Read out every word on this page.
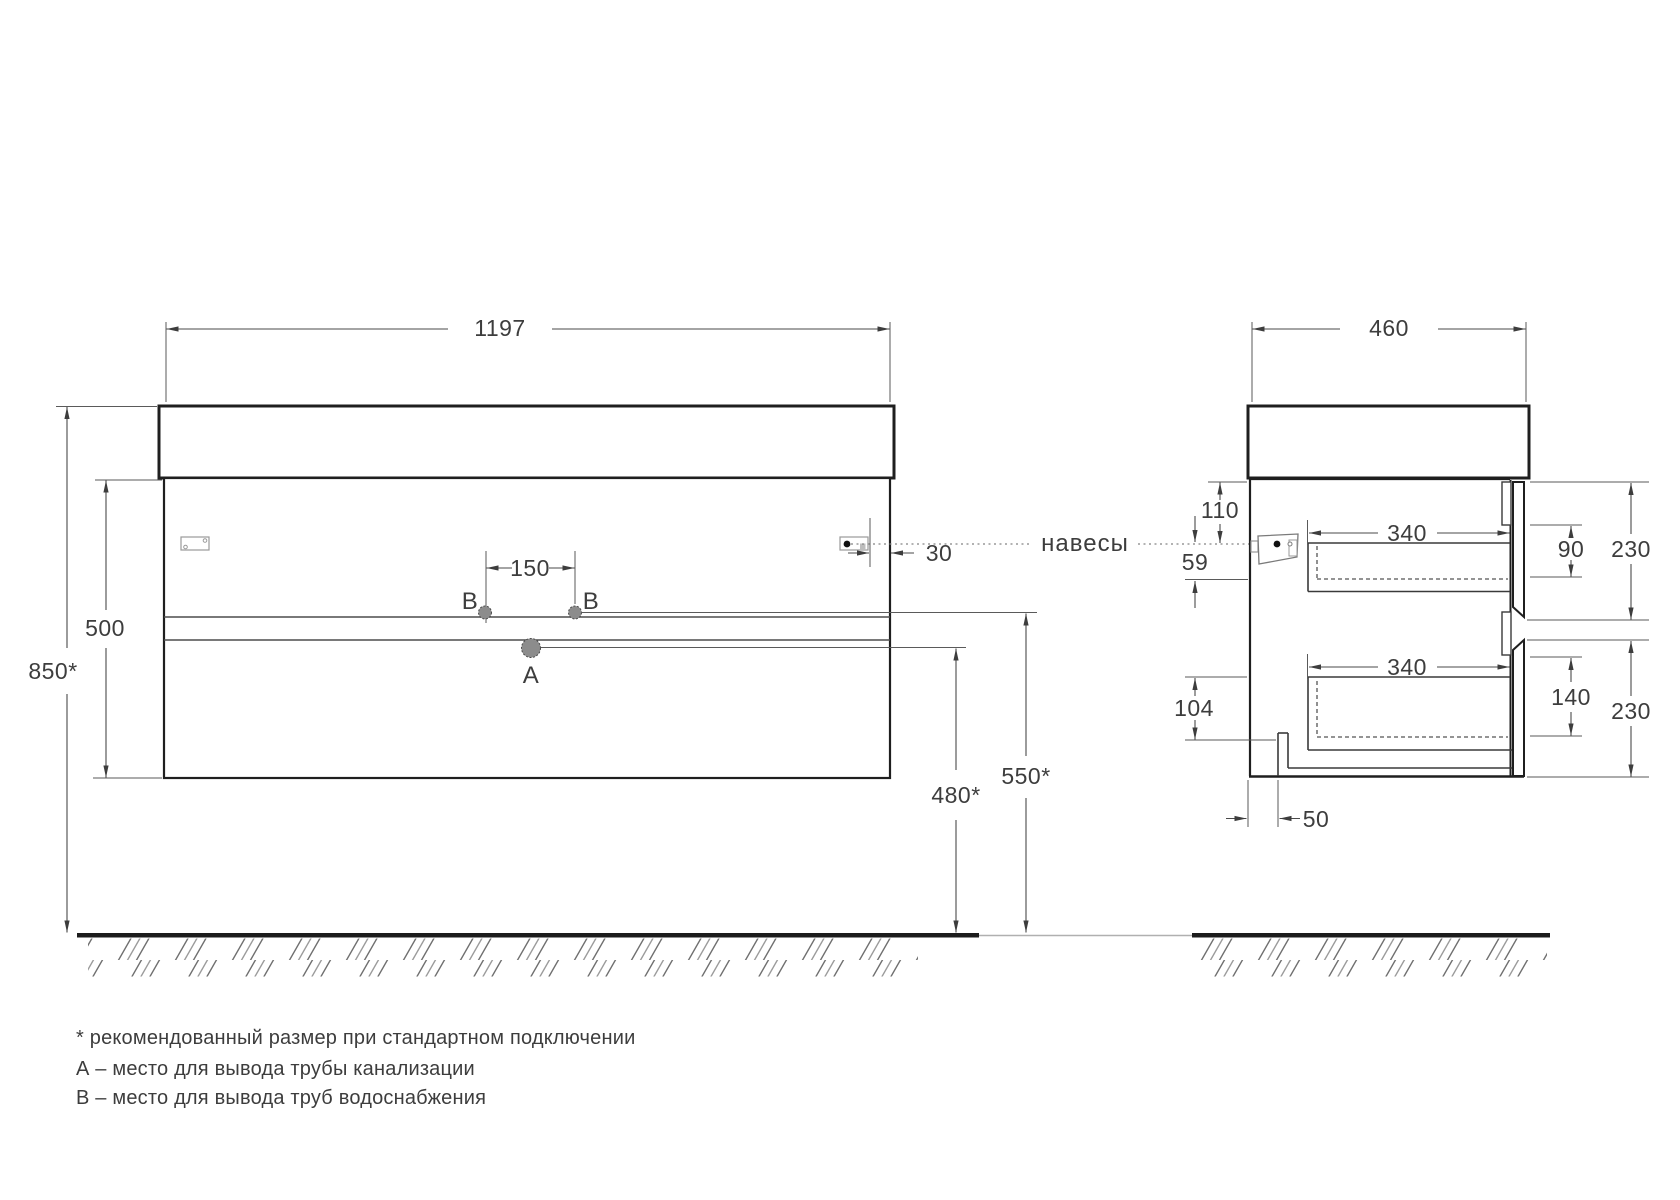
навесы
1197
850*
500
150
30
В	В
А
480*
550*
460
110
59
104
340
340
90 230
140
230
50
* рекомендованный размер при стандартном подключении
А – место для вывода трубы канализации
В – место для вывода труб водоснабжения
